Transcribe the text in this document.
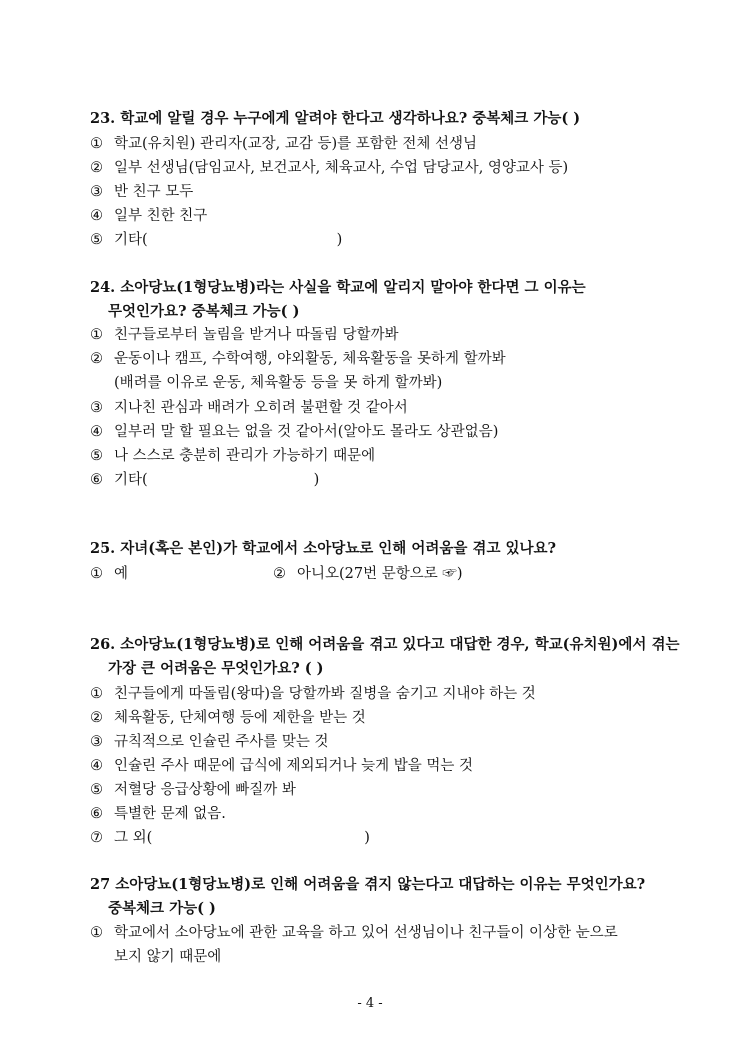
23. 학교에 알릴 경우 누구에게 알려야 한다고 생각하나요? 중복체크 가능( )
① 학교(유치원) 관리자(교장, 교감 등)를 포함한 전체 선생님
② 일부 선생님(담임교사, 보건교사, 체육교사, 수업 담당교사, 영양교사 등)
③ 반 친구 모두
④ 일부 친한 친구
⑤ 기타(                                         )
24. 소아당뇨(1형당뇨병)라는 사실을 학교에 알리지 말아야 한다면 그 이유는
무엇인가요? 중복체크 가능( )
① 친구들로부터 놀림을 받거나 따돌림 당할까봐
② 운동이나 캠프, 수학여행, 야외활동, 체육활동을 못하게 할까봐
(배려를 이유로 운동, 체육활동 등을 못 하게 할까봐)
③ 지나친 관심과 배려가 오히려 불편할 것 같아서
④ 일부러 말 할 필요는 없을 것 같아서(알아도 몰라도 상관없음)
⑤ 나 스스로 충분히 관리가 가능하기 때문에
⑥ 기타(                                    )
25. 자녀(혹은 본인)가 학교에서 소아당뇨로 인해 어려움을 겪고 있나요?
① 예	② 아니오(27번 문항으로 ☞)
26. 소아당뇨(1형당뇨병)로 인해 어려움을 겪고 있다고 대답한 경우, 학교(유치원)에서 겪는
가장 큰 어려움은 무엇인가요? ( )
① 친구들에게 따돌림(왕따)을 당할까봐 질병을 숨기고 지내야 하는 것
② 체육활동, 단체여행 등에 제한을 받는 것
③ 규칙적으로 인슐린 주사를 맞는 것
④ 인슐린 주사 때문에 급식에 제외되거나 늦게 밥을 먹는 것
⑤ 저혈당 응급상황에 빠질까 봐
⑥ 특별한 문제 없음.
⑦ 그 외(                                              )
27 소아당뇨(1형당뇨병)로 인해 어려움을 겪지 않는다고 대답하는 이유는 무엇인가요?
중복체크 가능( )
① 학교에서 소아당뇨에 관한 교육을 하고 있어 선생님이나 친구들이 이상한 눈으로
보지 않기 때문에
- 4 -
